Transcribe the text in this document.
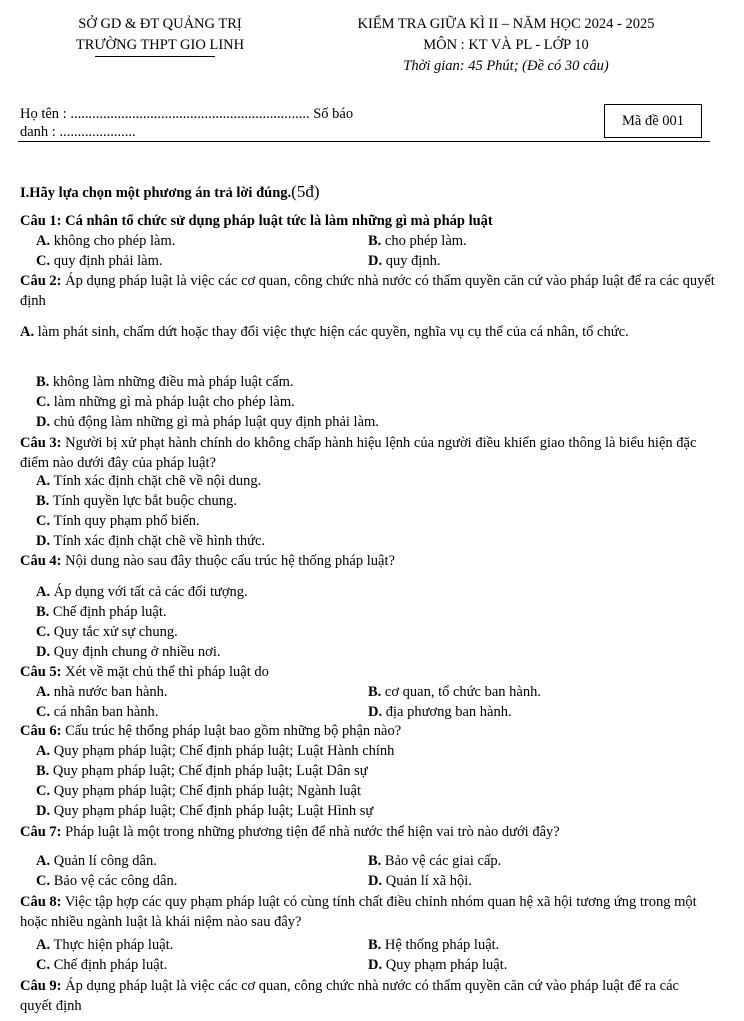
SỞ GD & ĐT QUẢNG TRỊ
TRƯỜNG THPT GIO LINH
KIỂM TRA GIỮA KÌ II – NĂM HỌC 2024 - 2025
MÔN : KT VÀ PL - LỚP 10
Thời gian: 45 Phút; (Đề có 30 câu)
Họ tên : .................................................................. Số báo
danh : .....................
Mã đề 001
I.Hãy lựa chọn một phương án trả lời đúng.(5đ)
Câu 1: Cá nhân tổ chức sử dụng pháp luật tức là làm những gì mà pháp luật
A. không cho phép làm.	B. cho phép làm.
C. quy định phải làm.	D. quy định.
Câu 2: Áp dụng pháp luật là việc các cơ quan, công chức nhà nước có thẩm quyền căn cứ vào pháp luật để ra các quyết định
A. làm phát sinh, chấm dứt hoặc thay đổi việc thực hiện các quyền, nghĩa vụ cụ thể của cá nhân, tổ chức.
B. không làm những điều mà pháp luật cấm.
C. làm những gì mà pháp luật cho phép làm.
D. chủ động làm những gì mà pháp luật quy định phải làm.
Câu 3: Người bị xử phạt hành chính do không chấp hành hiệu lệnh của người điều khiển giao thông là biểu hiện đặc điểm nào dưới đây của pháp luật?
A. Tính xác định chặt chẽ về nội dung.
B. Tính quyền lực bắt buộc chung.
C. Tính quy phạm phổ biến.
D. Tính xác định chặt chẽ về hình thức.
Câu 4: Nội dung nào sau đây thuộc cấu trúc hệ thống pháp luật?
A. Áp dụng với tất cả các đối tượng.
B. Chế định pháp luật.
C. Quy tắc xử sự chung.
D. Quy định chung ở nhiều nơi.
Câu 5: Xét về mặt chủ thể thì pháp luật do
A. nhà nước ban hành.	B. cơ quan, tổ chức ban hành.
C. cá nhân ban hành.	D. địa phương ban hành.
Câu 6: Cấu trúc hệ thống pháp luật bao gồm những bộ phận nào?
A. Quy phạm pháp luật; Chế định pháp luật; Luật Hành chính
B. Quy phạm pháp luật; Chế định pháp luật; Luật Dân sự
C. Quy phạm pháp luật; Chế định pháp luật; Ngành luật
D. Quy phạm pháp luật; Chế định pháp luật; Luật Hình sự
Câu 7: Pháp luật là một trong những phương tiện để nhà nước thể hiện vai trò nào dưới đây?
A. Quản lí công dân.	B. Bảo vệ các giai cấp.
C. Bảo vệ các công dân.	D. Quản lí xã hội.
Câu 8: Việc tập hợp các quy phạm pháp luật có cùng tính chất điều chỉnh nhóm quan hệ xã hội tương ứng trong một hoặc nhiều ngành luật là khái niệm nào sau đây?
A. Thực hiện pháp luật.	B. Hệ thống pháp luật.
C. Chế định pháp luật.	D. Quy phạm pháp luật.
Câu 9: Áp dụng pháp luật là việc các cơ quan, công chức nhà nước có thẩm quyền căn cứ vào pháp luật để ra các quyết định
